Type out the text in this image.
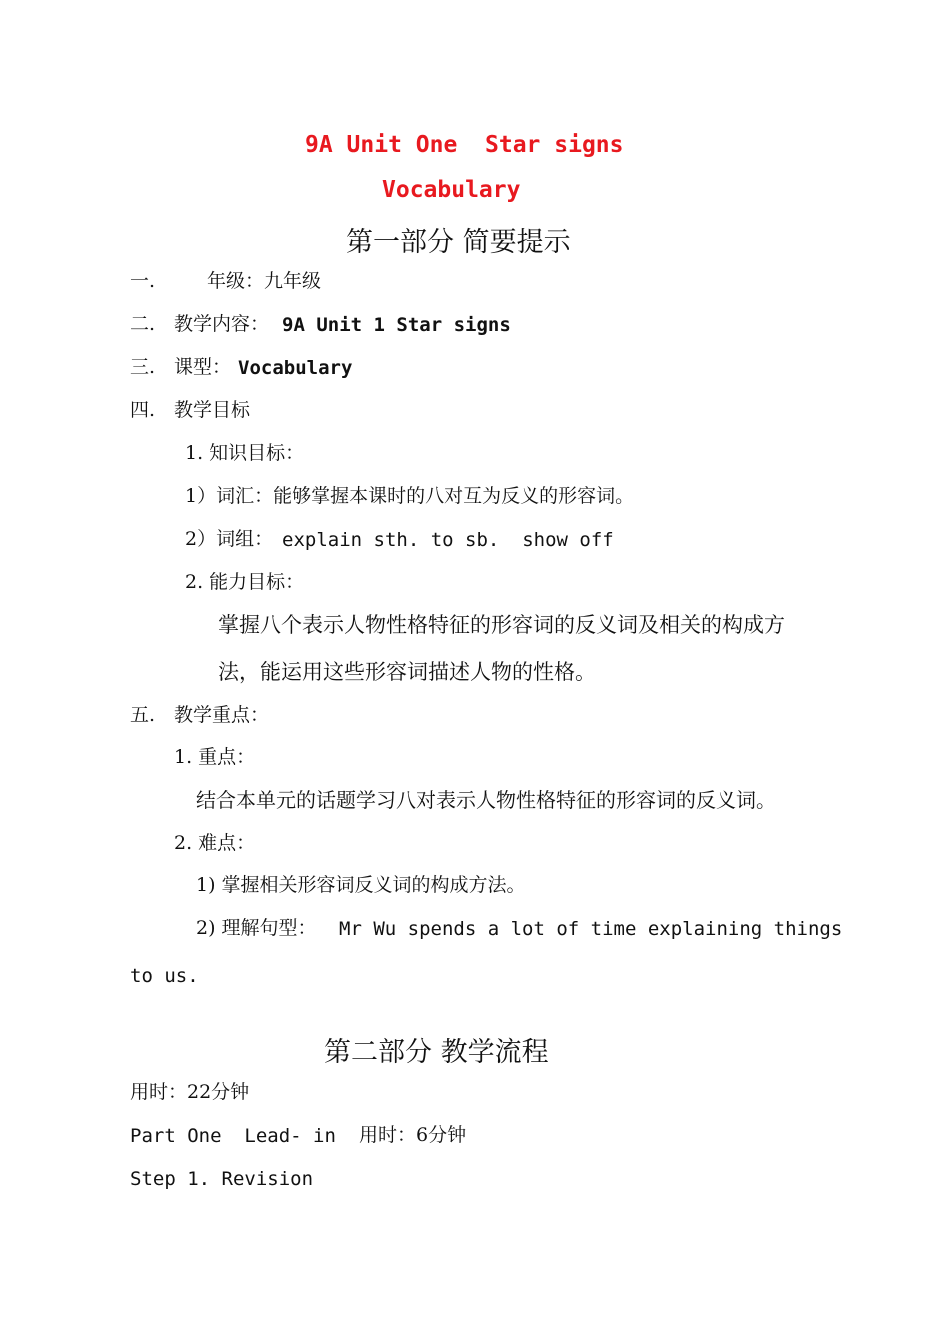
9A Unit One  Star signs
Vocabulary
第一部分 简要提示
一.	年级：九年级
二. 教学内容： 9A Unit 1 Star signs
三. 课型： Vocabulary
四. 教学目标
1. 知识目标：
1）词汇：能够掌握本课时的八对互为反义的形容词。
2）词组： explain sth. to sb.  show off
2. 能力目标：
掌握八个表示人物性格特征的形容词的反义词及相关的构成方
法，能运用这些形容词描述人物的性格。
五. 教学重点：
1. 重点：
结合本单元的话题学习八对表示人物性格特征的形容词的反义词。
2. 难点：
1) 掌握相关形容词反义词的构成方法。
2) 理解句型： Mr Wu spends a lot of time explaining things
to us.
第二部分 教学流程
用时：22分钟
Part One  Lead- in 用时：6分钟
Step 1. Revision
